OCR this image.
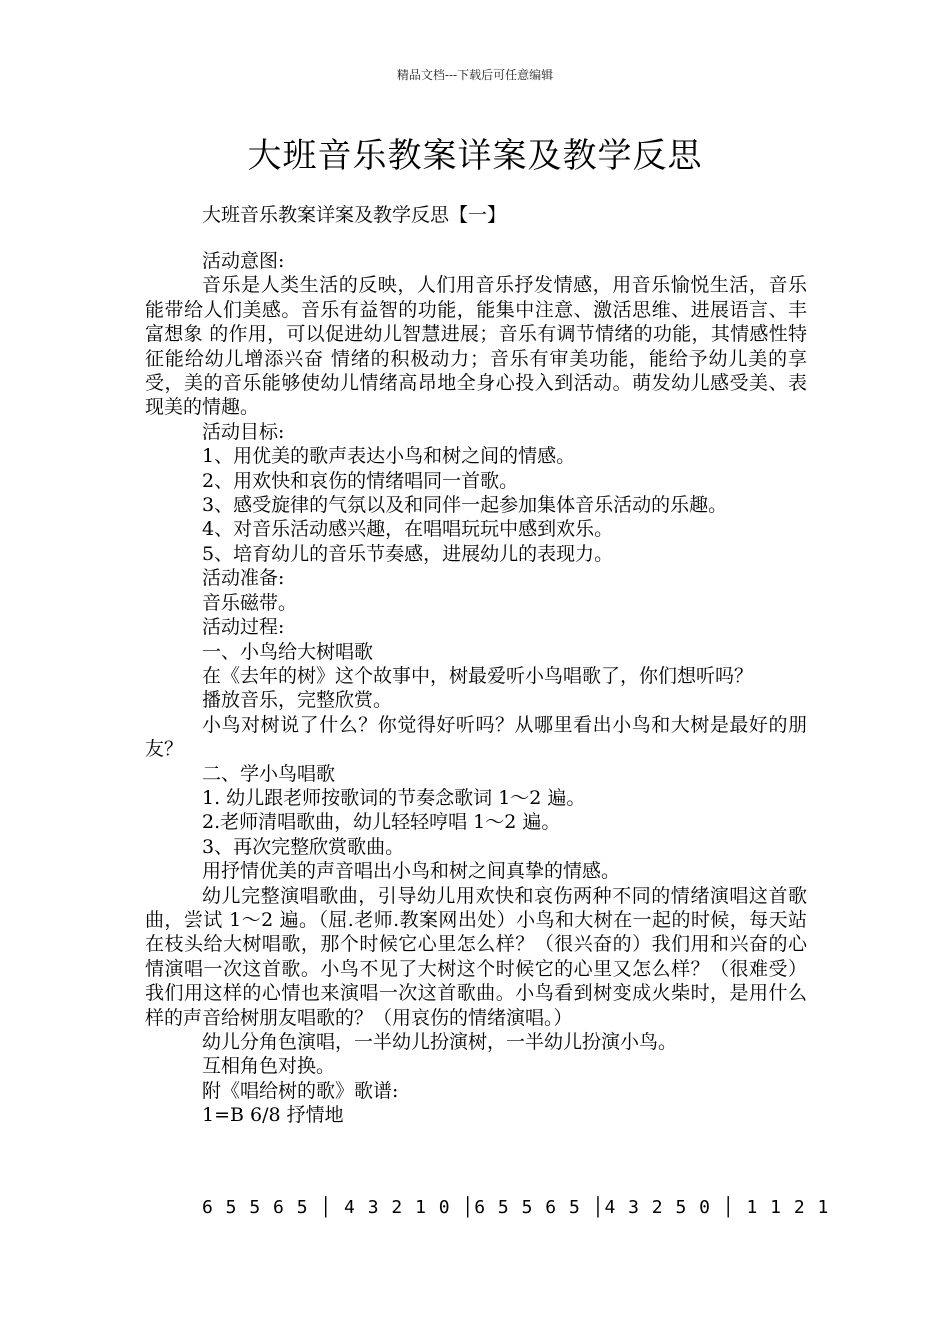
精品文档---下载后可任意编辑
大班音乐教案详案及教学反思
大班音乐教案详案及教学反思【一】

活动意图:

音乐是人类生活的反映，人们用音乐抒发情感，用音乐愉悦生活，音乐能带给人们美感。音乐有益智的功能，能集中注意、激活思维、进展语言、丰富想象 的作用，可以促进幼儿智慧进展；音乐有调节情绪的功能，其情感性特征能给幼儿增添兴奋 情绪的积极动力；音乐有审美功能，能给予幼儿美的享受，美的音乐能够使幼儿情绪高昂地全身心投入到活动。萌发幼儿感受美、表现美的情趣。

活动目标:

1、用优美的歌声表达小鸟和树之间的情感。

2、用欢快和哀伤的情绪唱同一首歌。

3、感受旋律的气氛以及和同伴一起参加集体音乐活动的乐趣。

4、对音乐活动感兴趣，在唱唱玩玩中感到欢乐。

5、培育幼儿的音乐节奏感，进展幼儿的表现力。

活动准备:

音乐磁带。

活动过程:

一、小鸟给大树唱歌

在《去年的树》这个故事中，树最爱听小鸟唱歌了，你们想听吗？

播放音乐，完整欣赏。

小鸟对树说了什么？你觉得好听吗？从哪里看出小鸟和大树是最好的朋友？

二、学小鸟唱歌

1. 幼儿跟老师按歌词的节奏念歌词 1～2 遍。

2.老师清唱歌曲，幼儿轻轻哼唱 1～2 遍。

3、再次完整欣赏歌曲。

用抒情优美的声音唱出小鸟和树之间真挚的情感。

幼儿完整演唱歌曲，引导幼儿用欢快和哀伤两种不同的情绪演唱这首歌曲，尝试 1～2 遍。（屈.老师.教案网出处）小鸟和大树在一起的时候，每天站在枝头给大树唱歌，那个时候它心里怎么样？（很兴奋的）我们用和兴奋的心情演唱一次这首歌。小鸟不见了大树这个时候它的心里又怎么样？（很难受）我们用这样的心情也来演唱一次这首歌曲。小鸟看到树变成火柴时，是用什么样的声音给树朋友唱歌的？（用哀伤的情绪演唱。）

幼儿分角色演唱，一半幼儿扮演树，一半幼儿扮演小鸟。

互相角色对换。

附《唱给树的歌》歌谱:

1=B 6/8 抒情地

6 5 5 6 5 │ 4 3 2 1 0 │6 5 5 6 5 │4 3 2 5 0 │ 1 1 2 1
